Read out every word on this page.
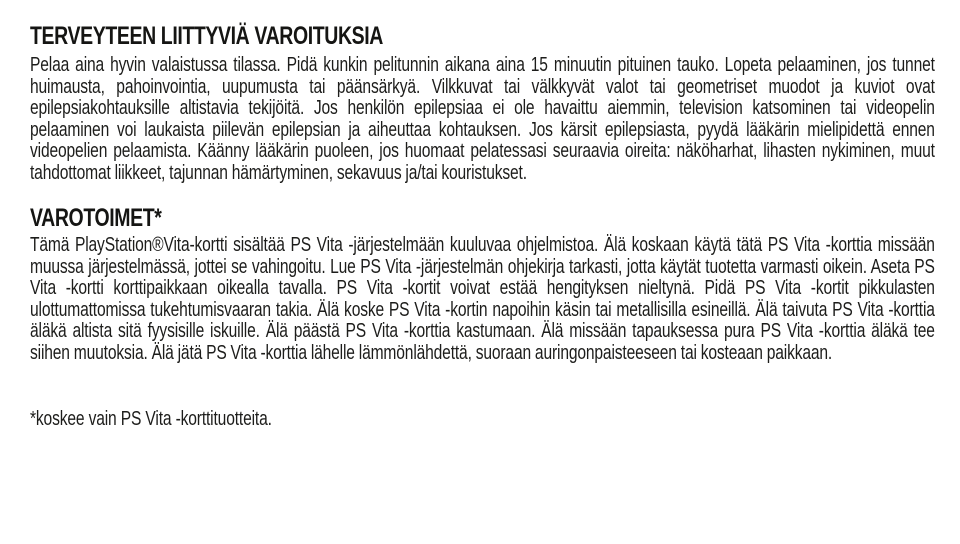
TERVEYTEEN LIITTYVIÄ VAROITUKSIA

Pelaa aina hyvin valaistussa tilassa. Pidä kunkin pelitunnin aikana aina 15 minuutin pituinen tauko. Lopeta pelaaminen, jos tunnet huimausta, pahoinvointia, uupumusta tai päänsärkyä. Vilkkuvat tai välkkyvät valot tai geometriset muodot ja kuviot ovat epilepsiakohtauksille altistavia tekijöitä. Jos henkilön epilepsiaa ei ole havaittu aiemmin, television katsominen tai videopelin pelaaminen voi laukaista piilevän epilepsian ja aiheuttaa kohtauksen. Jos kärsit epilepsiasta, pyydä lääkärin mielipidettä ennen videopelien pelaamista. Käänny lääkärin puoleen, jos huomaat pelatessasi seuraavia oireita: näköharhat, lihasten nykiminen, muut tahdottomat liikkeet, tajunnan hämärtyminen, sekavuus ja/tai kouristukset.

VAROTOIMET*

Tämä PlayStation®Vita-kortti sisältää PS Vita -järjestelmään kuuluvaa ohjelmistoa. Älä koskaan käytä tätä PS Vita -korttia missään muussa järjestelmässä, jottei se vahingoitu. Lue PS Vita -järjestelmän ohjekirja tarkasti, jotta käytät tuotetta varmasti oikein. Aseta PS Vita -kortti korttipaikkaan oikealla tavalla. PS Vita -kortit voivat estää hengityksen nieltynä. Pidä PS Vita -kortit pikkulasten ulottumattomissa tukehtumisvaaran takia. Älä koske PS Vita -kortin napoihin käsin tai metallisilla esineillä. Älä taivuta PS Vita -korttia äläkä altista sitä fyysisille iskuille. Älä päästä PS Vita -korttia kastumaan. Älä missään tapauksessa pura PS Vita -korttia äläkä tee siihen muutoksia. Älä jätä PS Vita -korttia lähelle lämmönlähdettä, suoraan auringonpaisteeseen tai kosteaan paikkaan.

*koskee vain PS Vita -korttituotteita.
